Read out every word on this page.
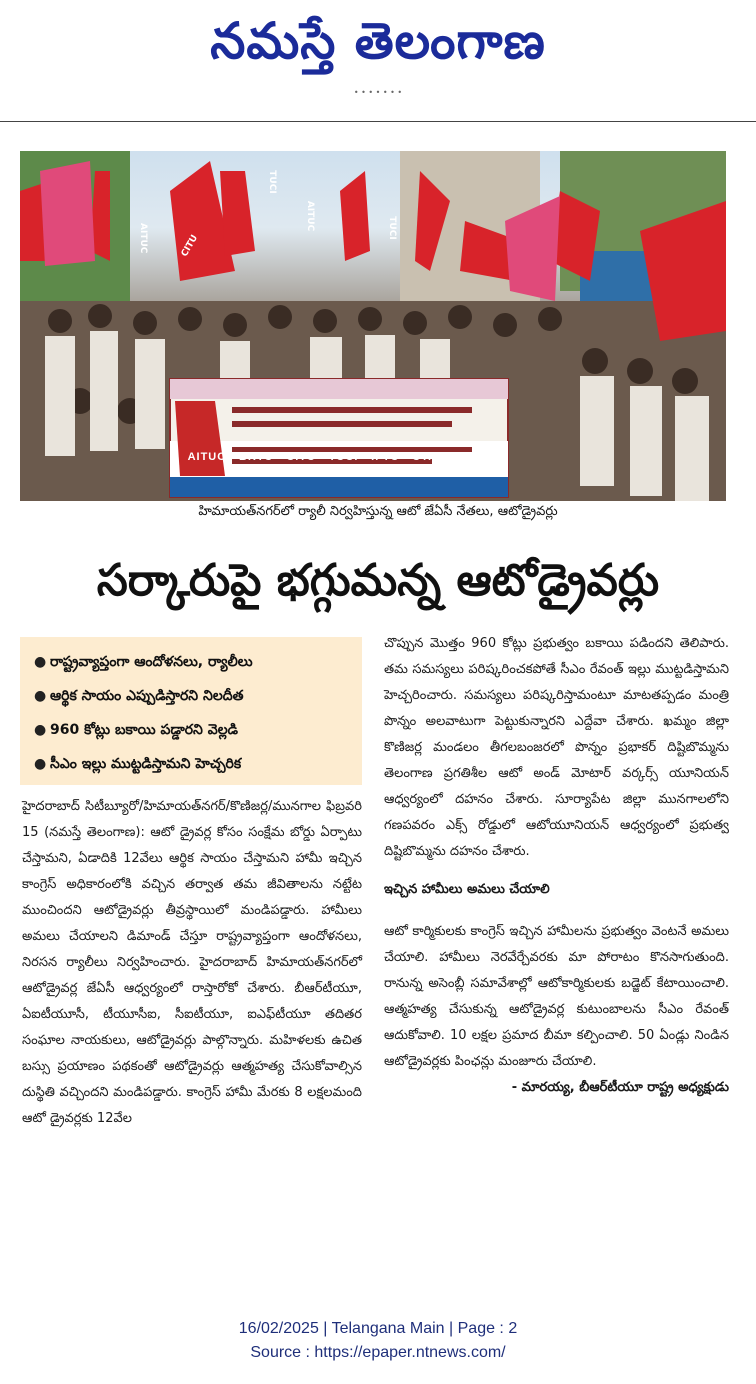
నమస్తే తెలంగాణ
• • • • • • •
AITUC - BRTU - CITU - TUCI - IFTU - UTAWU - TAD
AITUC
TUCI
AITUC	TUCI
CITU
హిమాయత్‌నగర్‌లో ర్యాలీ నిర్వహిస్తున్న ఆటో జేఏసీ నేతలు, ఆటోడ్రైవర్లు
సర్కారుపై భగ్గుమన్న ఆటోడ్రైవర్లు
● రాష్ట్రవ్యాప్తంగా ఆందోళనలు, ర్యాలీలు
● ఆర్థిక సాయం ఎప్పుడిస్తారని నిలదీత
● 960 కోట్లు బకాయి పడ్డారని వెల్లడి
● సీఎం ఇల్లు ముట్టడిస్తామని హెచ్చరిక

హైదరాబాద్ సిటీబ్యూరో/హిమాయత్‌నగర్/కొణిజర్ల/మునగాల ఫిబ్రవరి 15 (నమస్తే తెలంగాణ): ఆటో డ్రైవర్ల కోసం సంక్షేమ బోర్డు ఏర్పాటు చేస్తామని, ఏడాదికి 12వేలు ఆర్థిక సాయం చేస్తామని హామీ ఇచ్చిన కాంగ్రెస్ అధికారంలోకి వచ్చిన తర్వాత తమ జీవితాలను నట్టేట ముంచిందని ఆటోడ్రైవర్లు తీవ్రస్థాయిలో మండిపడ్డారు. హామీలు అమలు చేయాలని డిమాండ్ చేస్తూ రాష్ట్రవ్యాప్తంగా ఆందోళనలు, నిరసన ర్యాలీలు నిర్వహించారు. హైదరాబాద్ హిమాయత్‌నగర్‌లో ఆటోడ్రైవర్ల జేఏసీ ఆధ్వర్యంలో రాస్తారోకో చేశారు. బీఆర్‌టీయూ, ఏఐటీయూసీ, టీయూసీఐ, సీఐటీయూ, ఐఎఫ్‌టీయూ తదితర సంఘాల నాయకులు, ఆటోడ్రైవర్లు పాల్గొన్నారు. మహిళలకు ఉచిత బస్సు ప్రయాణం పథకంతో ఆటోడ్రైవర్లు ఆత్మహత్య చేసుకోవాల్సిన దుస్థితి వచ్చిందని మండిపడ్డారు. కాంగ్రెస్ హామీ మేరకు 8 లక్షలమంది ఆటో డ్రైవర్లకు 12వేల

చొప్పున మొత్తం 960 కోట్లు ప్రభుత్వం బకాయి పడిందని తెలిపారు. తమ సమస్యలు పరిష్కరించకపోతే సీఎం రేవంత్ ఇల్లు ముట్టడిస్తామని హెచ్చరించారు. సమస్యలు పరిష్కరిస్తామంటూ మాటతప్పడం మంత్రి పొన్నం అలవాటుగా పెట్టుకున్నారని ఎద్దేవా చేశారు. ఖమ్మం జిల్లా కొణిజర్ల మండలం తీగలబంజరలో పొన్నం ప్రభాకర్ దిష్టిబొమ్మను తెలంగాణ ప్రగతిశీల ఆటో అండ్ మోటార్ వర్కర్స్ యూనియన్ ఆధ్వర్యంలో దహనం చేశారు. సూర్యాపేట జిల్లా మునగాలలోని గణపవరం ఎక్స్ రోడ్డులో ఆటోయూనియన్ ఆధ్వర్యంలో ప్రభుత్వ దిష్టిబొమ్మను దహనం చేశారు.

ఇచ్చిన హామీలు అమలు చేయాలి

ఆటో కార్మికులకు కాంగ్రెస్ ఇచ్చిన హామీలను ప్రభుత్వం వెంటనే అమలు చేయాలి. హామీలు నెరవేర్చేవరకు మా పోరాటం కొనసాగుతుంది. రానున్న అసెంబ్లీ సమావేశాల్లో ఆటోకార్మికులకు బడ్జెట్ కేటాయించాలి. ఆత్మహత్య చేసుకున్న ఆటోడ్రైవర్ల కుటుంబాలను సీఎం రేవంత్ ఆదుకోవాలి. 10 లక్షల ప్రమాద బీమా కల్పించాలి. 50 ఏండ్లు నిండిన ఆటోడ్రైవర్లకు పింఛన్లు మంజూరు చేయాలి.

- మారయ్య, బీఆర్‌టీయూ రాష్ట్ర అధ్యక్షుడు

16/02/2025 | Telangana Main | Page : 2
Source : https://epaper.ntnews.com/
